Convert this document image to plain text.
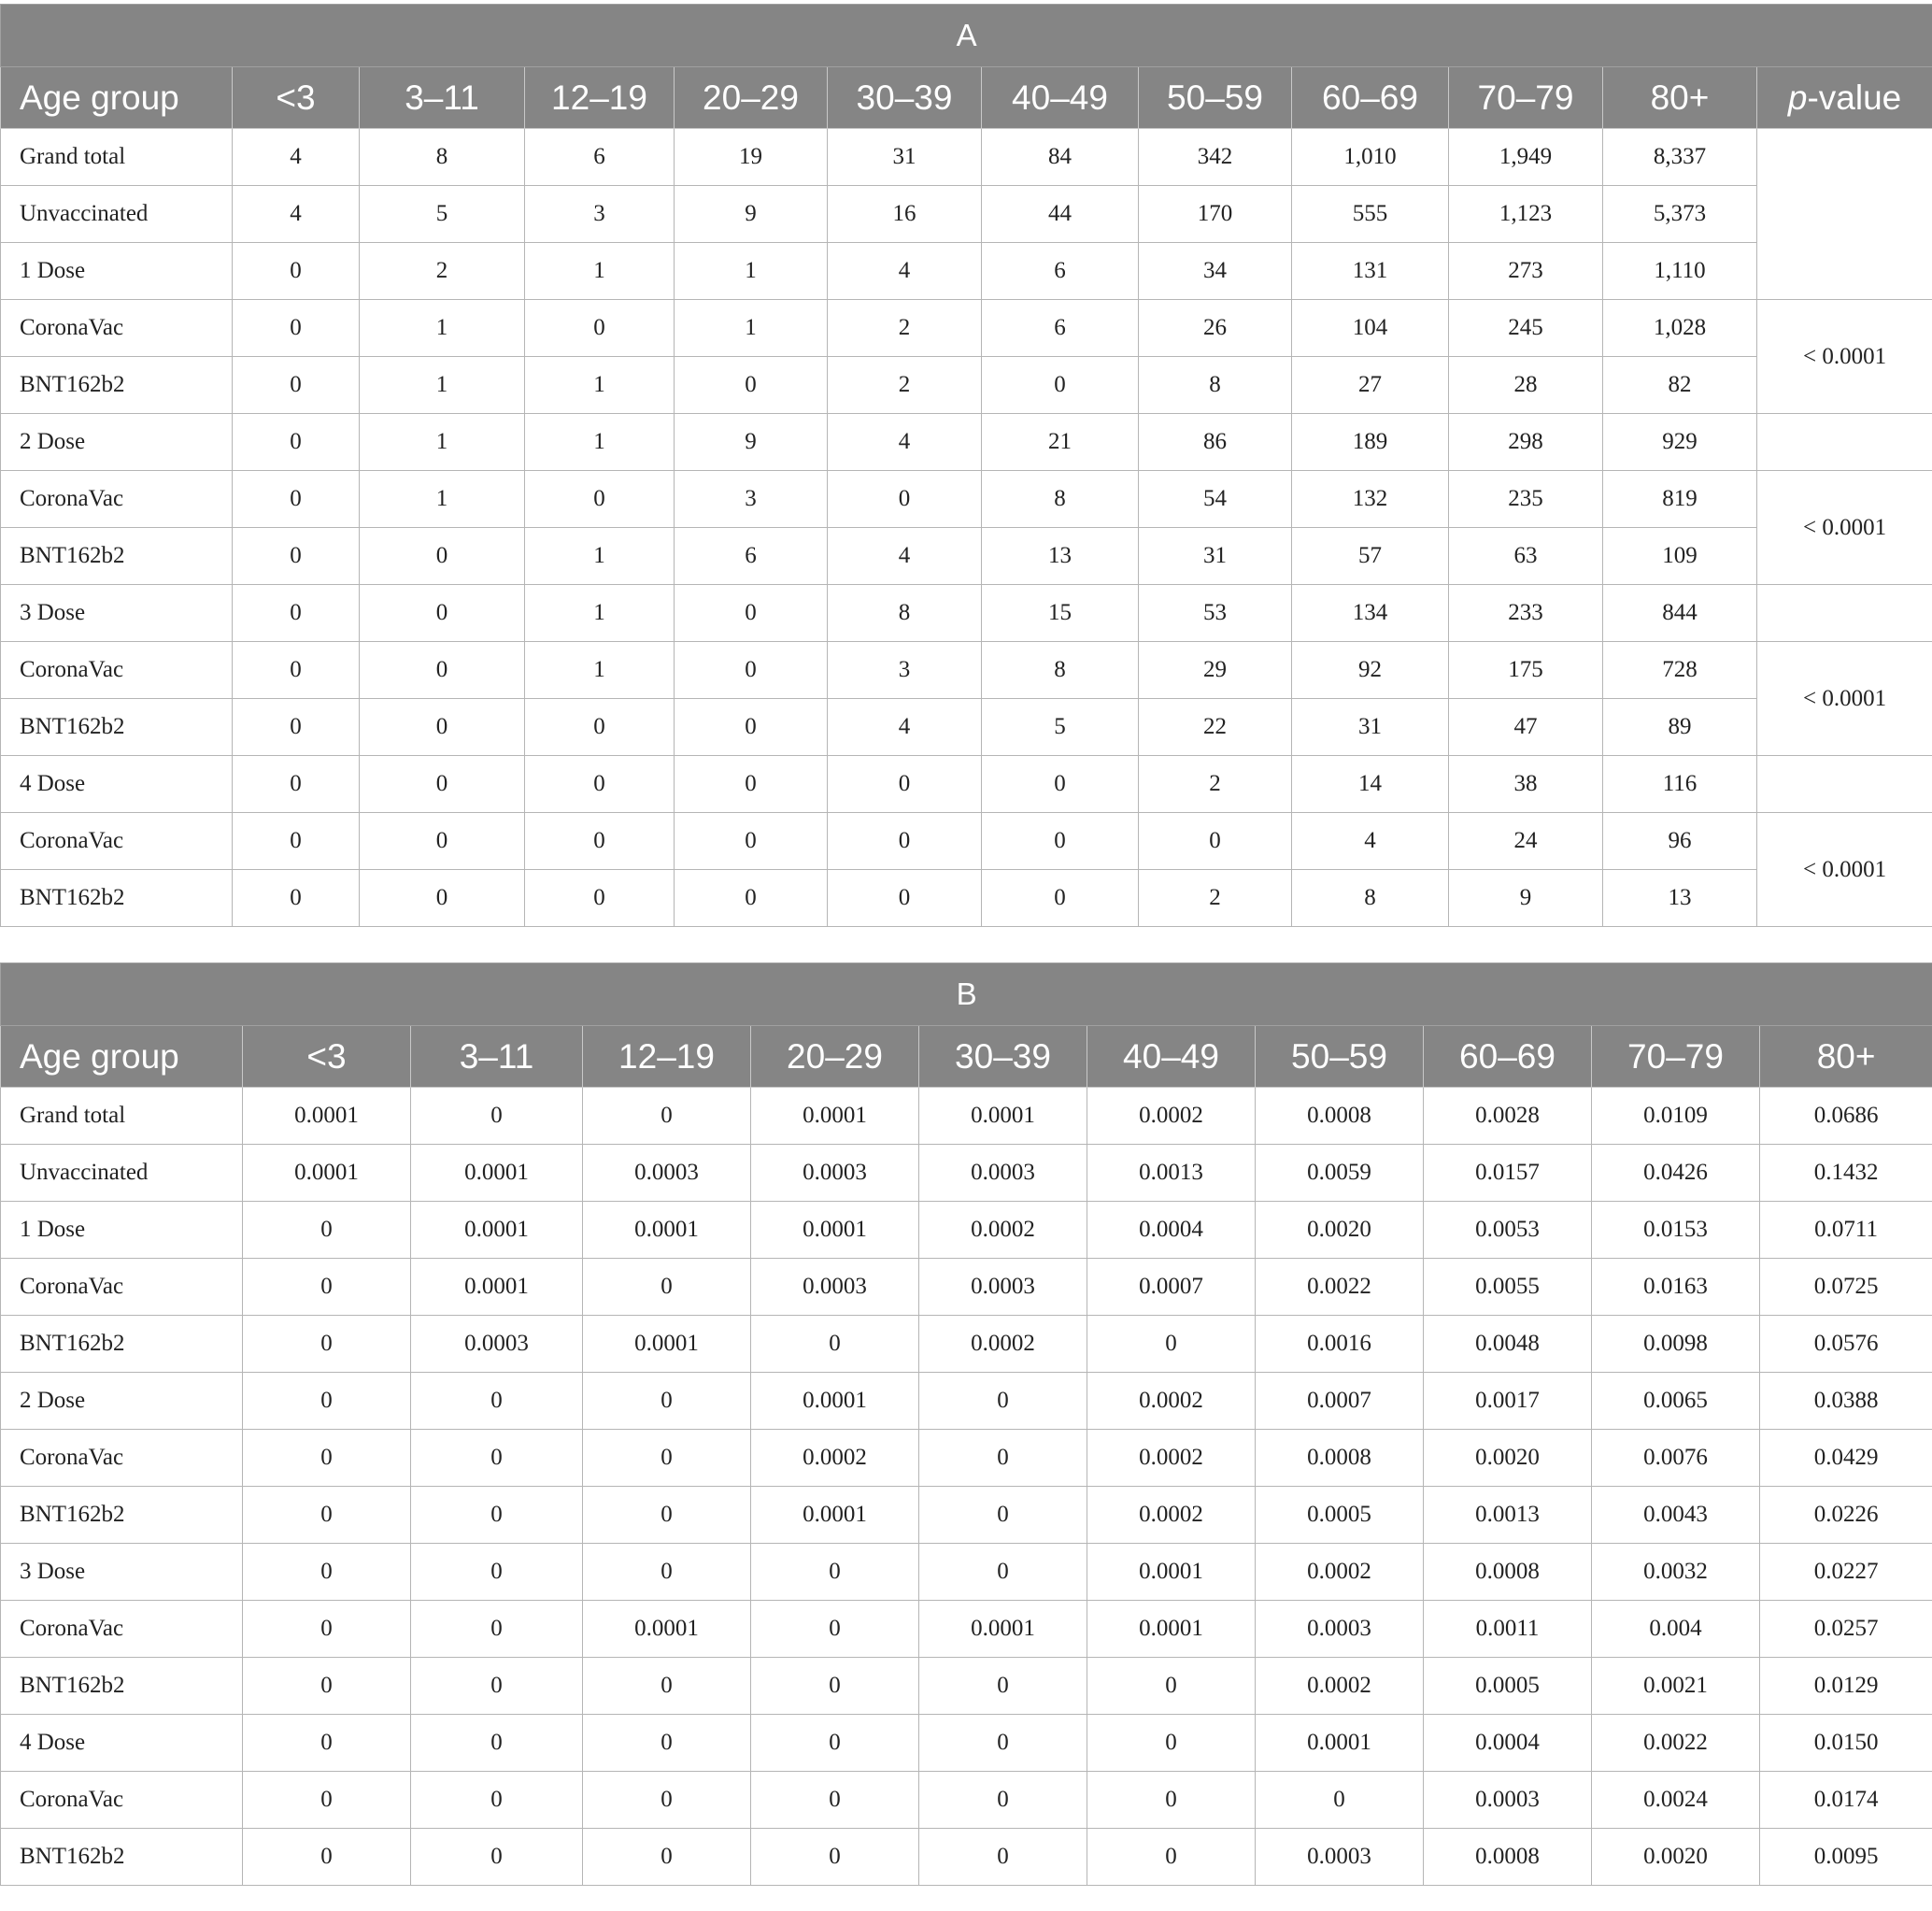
A											
Age group	<3	3–11	12–19	20–29	30–39	40–49	50–59	60–69	70–79	80+	p-value
Grand total	4	8	6	19	31	84	342	1,010	1,949	8,337	
Unvaccinated	4	5	3	9	16	44	170	555	1,123	5,373	
1 Dose	0	2	1	1	4	6	34	131	273	1,110	
CoronaVac	0	1	0	1	2	6	26	104	245	1,028	< 0.0001
BNT162b2	0	1	1	0	2	0	8	27	28	82	
2 Dose	0	1	1	9	4	21	86	189	298	929	
CoronaVac	0	1	0	3	0	8	54	132	235	819	< 0.0001
BNT162b2	0	0	1	6	4	13	31	57	63	109	
3 Dose	0	0	1	0	8	15	53	134	233	844	
CoronaVac	0	0	1	0	3	8	29	92	175	728	< 0.0001
BNT162b2	0	0	0	0	4	5	22	31	47	89	
4 Dose	0	0	0	0	0	0	2	14	38	116	
CoronaVac	0	0	0	0	0	0	0	4	24	96	< 0.0001
BNT162b2	0	0	0	0	0	0	2	8	9	13	
B										
Age group	<3	3–11	12–19	20–29	30–39	40–49	50–59	60–69	70–79	80+
Grand total	0.0001	0	0	0.0001	0.0001	0.0002	0.0008	0.0028	0.0109	0.0686
Unvaccinated	0.0001	0.0001	0.0003	0.0003	0.0003	0.0013	0.0059	0.0157	0.0426	0.1432
1 Dose	0	0.0001	0.0001	0.0001	0.0002	0.0004	0.0020	0.0053	0.0153	0.0711
CoronaVac	0	0.0001	0	0.0003	0.0003	0.0007	0.0022	0.0055	0.0163	0.0725
BNT162b2	0	0.0003	0.0001	0	0.0002	0	0.0016	0.0048	0.0098	0.0576
2 Dose	0	0	0	0.0001	0	0.0002	0.0007	0.0017	0.0065	0.0388
CoronaVac	0	0	0	0.0002	0	0.0002	0.0008	0.0020	0.0076	0.0429
BNT162b2	0	0	0	0.0001	0	0.0002	0.0005	0.0013	0.0043	0.0226
3 Dose	0	0	0	0	0	0.0001	0.0002	0.0008	0.0032	0.0227
CoronaVac	0	0	0.0001	0	0.0001	0.0001	0.0003	0.0011	0.004	0.0257
BNT162b2	0	0	0	0	0	0	0.0002	0.0005	0.0021	0.0129
4 Dose	0	0	0	0	0	0	0.0001	0.0004	0.0022	0.0150
CoronaVac	0	0	0	0	0	0	0	0.0003	0.0024	0.0174
BNT162b2	0	0	0	0	0	0	0.0003	0.0008	0.0020	0.0095
